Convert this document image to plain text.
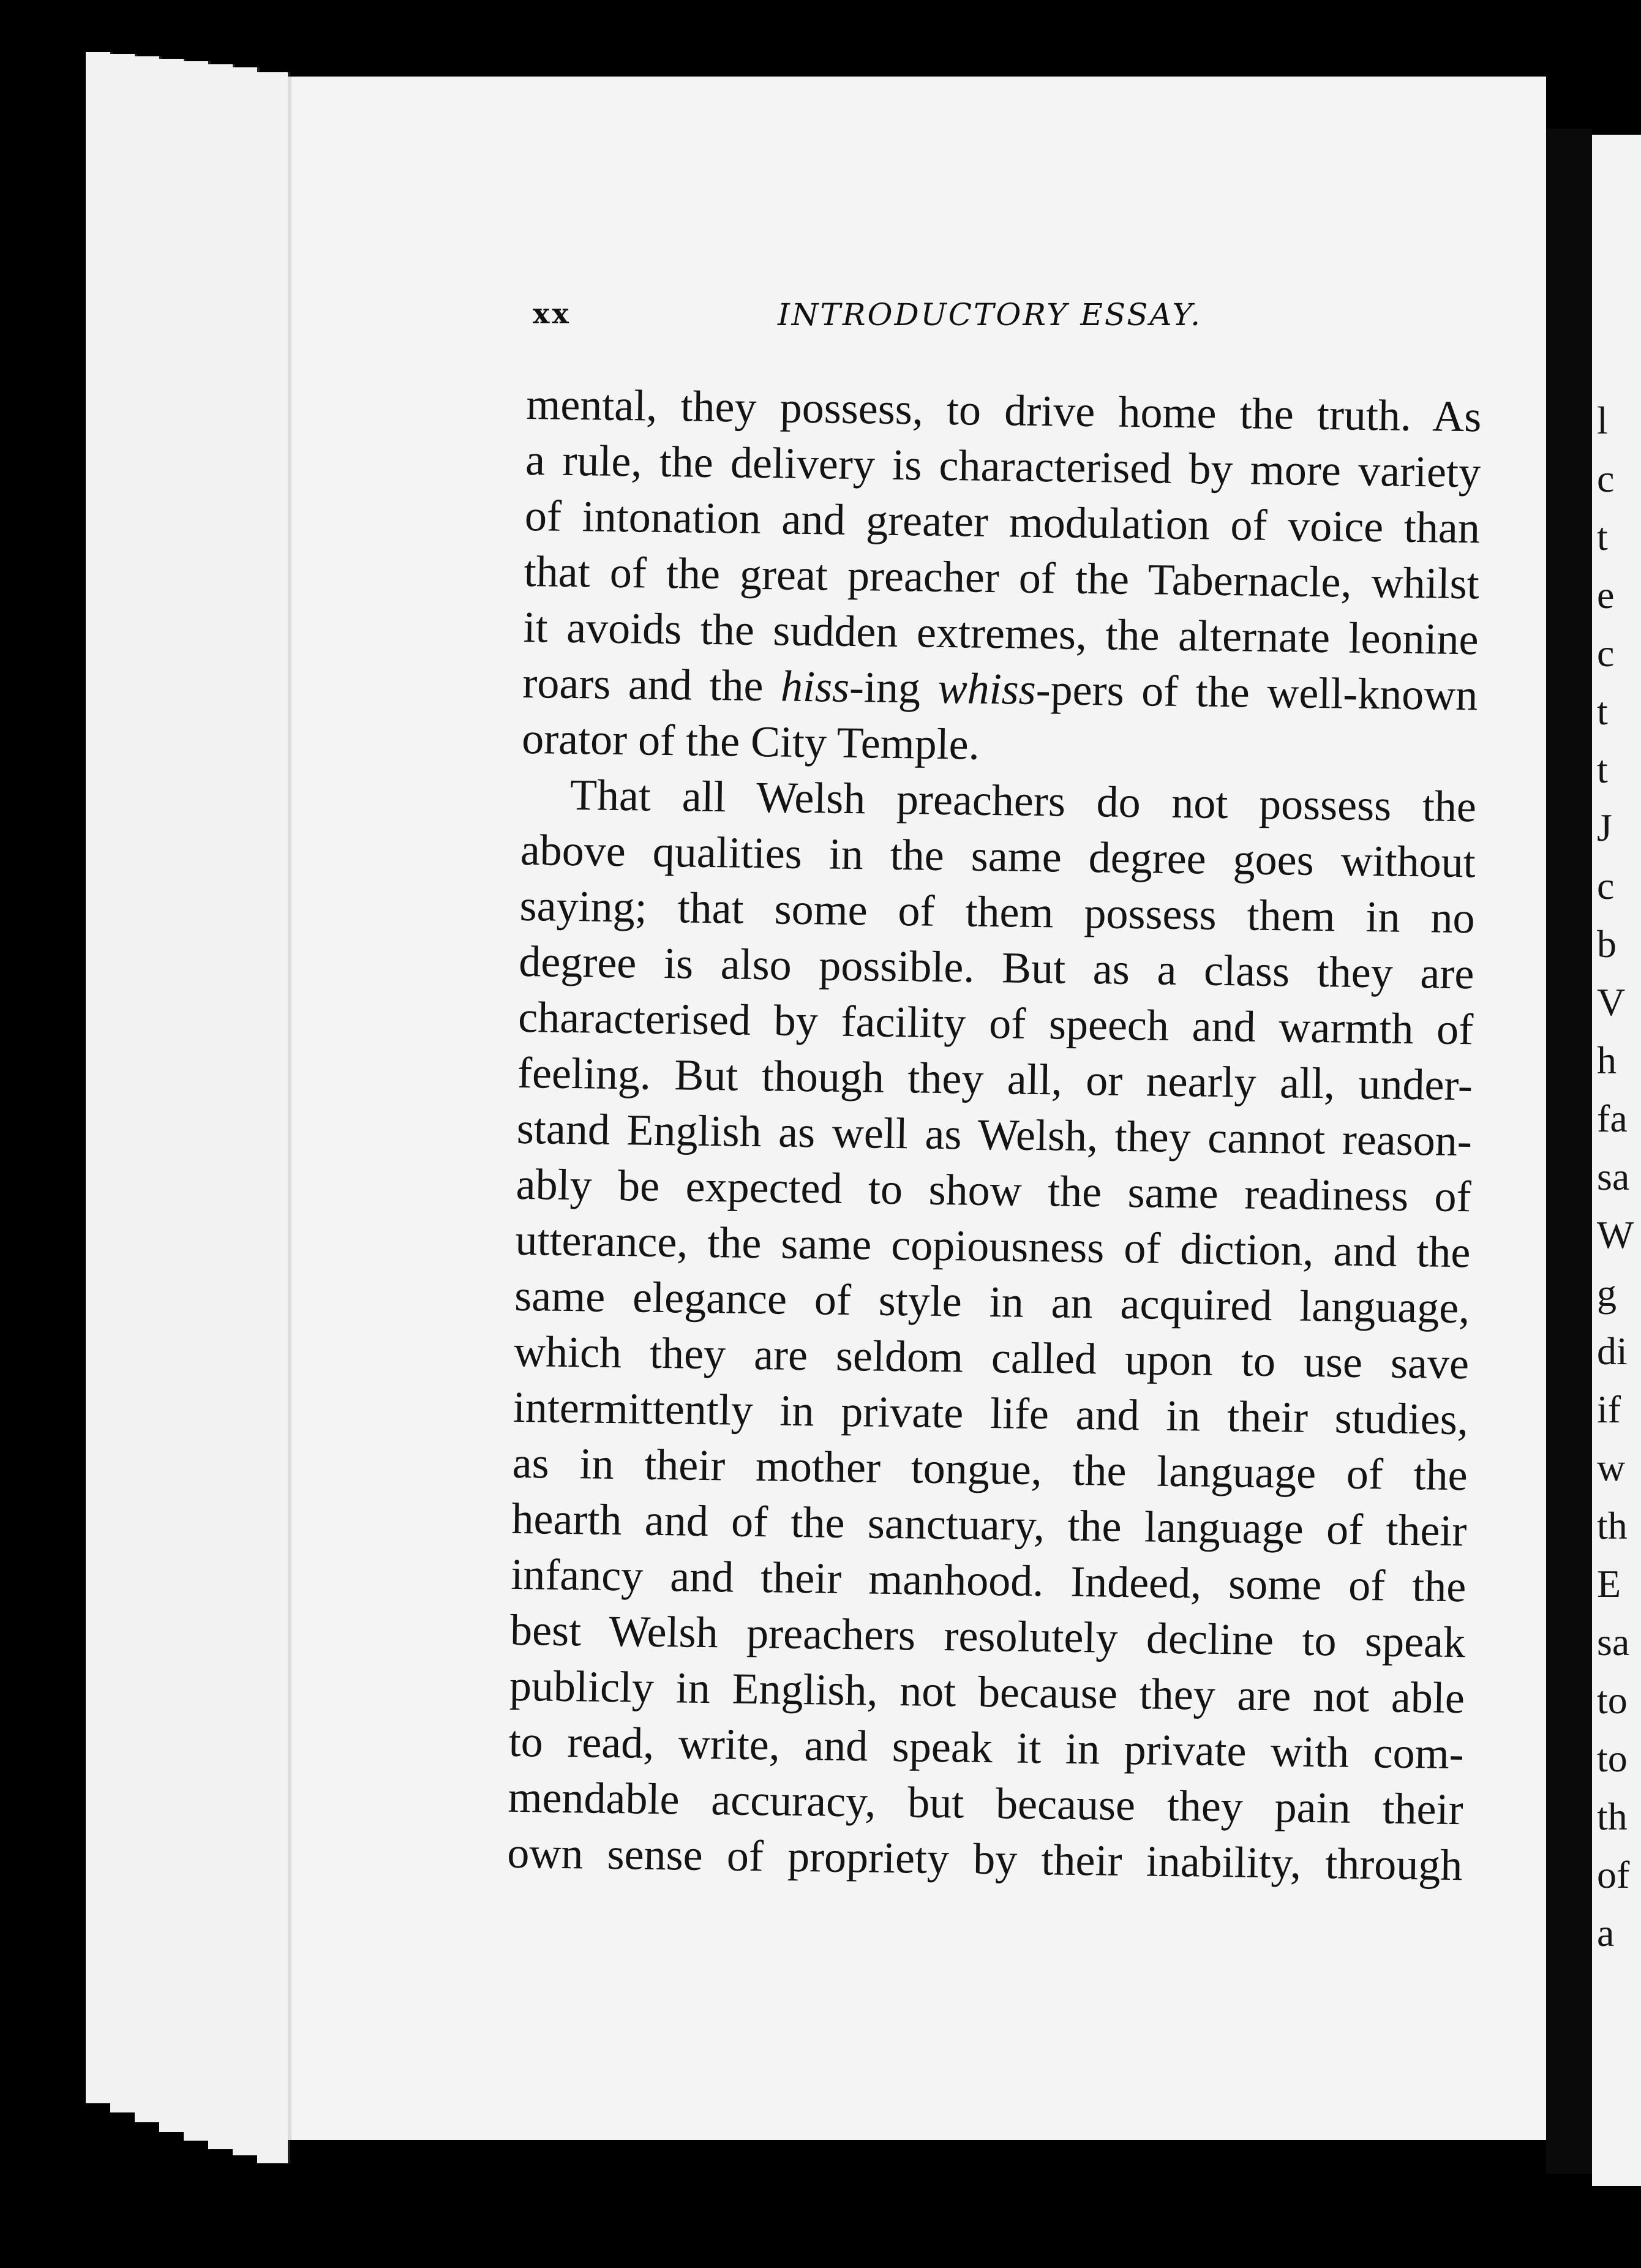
xx	INTRODUCTORY ESSAY.
mental, they possess, to drive home the truth. As
a rule, the delivery is characterised by more variety
of intonation and greater modulation of voice than
that of the great preacher of the Tabernacle, whilst
it avoids the sudden extremes, the alternate leonine
roars and the hiss-ing whiss-pers of the well-known
orator of the City Temple.
That all Welsh preachers do not possess the
above qualities in the same degree goes without
saying; that some of them possess them in no
degree is also possible. But as a class they are
characterised by facility of speech and warmth of
feeling. But though they all, or nearly all, under-
stand English as well as Welsh, they cannot reason-
ably be expected to show the same readiness of
utterance, the same copiousness of diction, and the
same elegance of style in an acquired language,
which they are seldom called upon to use save
intermittently in private life and in their studies,
as in their mother tongue, the language of the
hearth and of the sanctuary, the language of their
infancy and their manhood. Indeed, some of the
best Welsh preachers resolutely decline to speak
publicly in English, not because they are not able
to read, write, and speak it in private with com-
mendable accuracy, but because they pain their
own sense of propriety by their inability, through
l
c
t
e
c
t
t
J
c
b
V
h
fa
sa
W
g
di
if
w
th
E
sa
to
to
th
of
a
